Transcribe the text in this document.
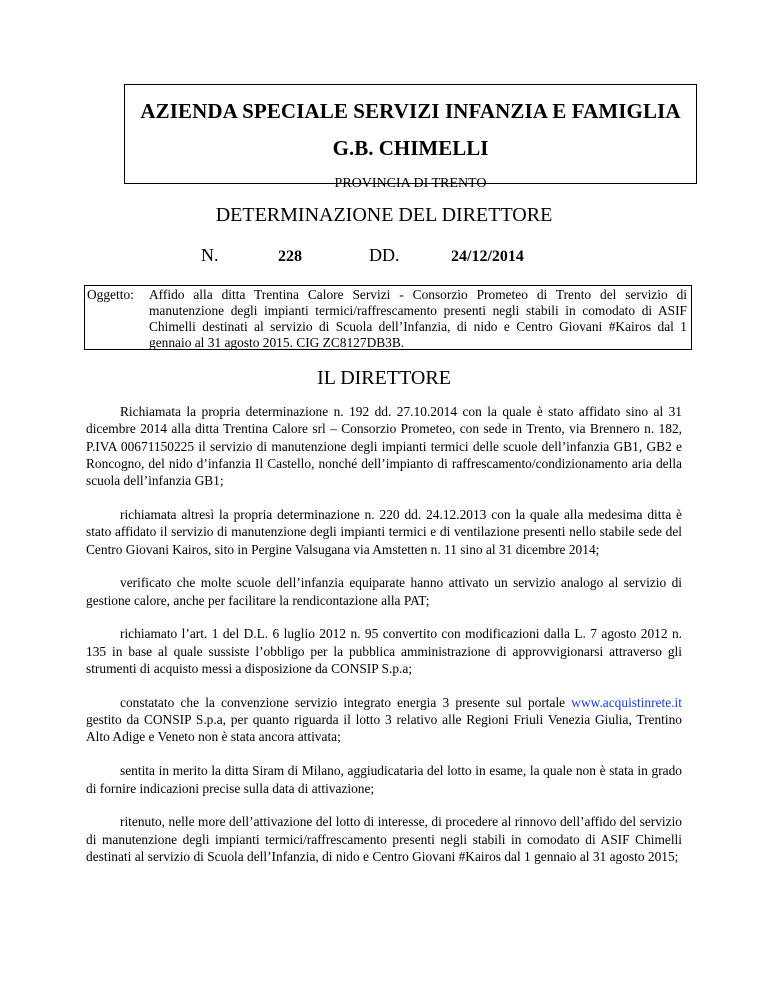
AZIENDA SPECIALE SERVIZI INFANZIA E FAMIGLIA
G.B. CHIMELLI
PROVINCIA DI TRENTO
DETERMINAZIONE DEL DIRETTORE
N.	228	DD.	24/12/2014
Oggetto: Affido alla ditta Trentina Calore Servizi - Consorzio Prometeo di Trento del servizio di manutenzione degli impianti termici/raffrescamento presenti negli stabili in comodato di ASIF Chimelli destinati al servizio di Scuola dell’Infanzia, di nido e Centro Giovani #Kairos dal 1 gennaio al 31 agosto 2015. CIG ZC8127DB3B.
IL DIRETTORE

Richiamata la propria determinazione n. 192 dd. 27.10.2014 con la quale è stato affidato sino al 31 dicembre 2014 alla ditta Trentina Calore srl – Consorzio Prometeo, con sede in Trento, via Brennero n. 182, P.IVA 00671150225 il servizio di manutenzione degli impianti termici delle scuole dell’infanzia GB1, GB2 e Roncogno, del nido d’infanzia Il Castello, nonché dell’impianto di raffrescamento/condizionamento aria della scuola dell’infanzia GB1;

richiamata altresì la propria determinazione n. 220 dd. 24.12.2013 con la quale alla medesima ditta è stato affidato il servizio di manutenzione degli impianti termici e di ventilazione presenti nello stabile sede del Centro Giovani Kairos, sito in Pergine Valsugana via Amstetten n. 11 sino al 31 dicembre 2014;

verificato che molte scuole dell’infanzia equiparate hanno attivato un servizio analogo al servizio di gestione calore, anche per facilitare la rendicontazione alla PAT;

richiamato l’art. 1 del D.L. 6 luglio 2012 n. 95 convertito con modificazioni dalla L. 7 agosto 2012 n. 135 in base al quale sussiste l’obbligo per la pubblica amministrazione di approvvigionarsi attraverso gli strumenti di acquisto messi a disposizione da CONSIP S.p.a;

constatato che la convenzione servizio integrato energia 3 presente sul portale www.acquistinrete.it gestito da CONSIP S.p.a, per quanto riguarda il lotto 3 relativo alle Regioni Friuli Venezia Giulia, Trentino Alto Adige e Veneto non è stata ancora attivata;

sentita in merito la ditta Siram di Milano, aggiudicataria del lotto in esame, la quale non è stata in grado di fornire indicazioni precise sulla data di attivazione;

ritenuto, nelle more dell’attivazione del lotto di interesse, di procedere al rinnovo dell’affido del servizio di manutenzione degli impianti termici/raffrescamento presenti negli stabili in comodato di ASIF Chimelli destinati al servizio di Scuola dell’Infanzia, di nido e Centro Giovani #Kairos dal 1 gennaio al 31 agosto 2015;
